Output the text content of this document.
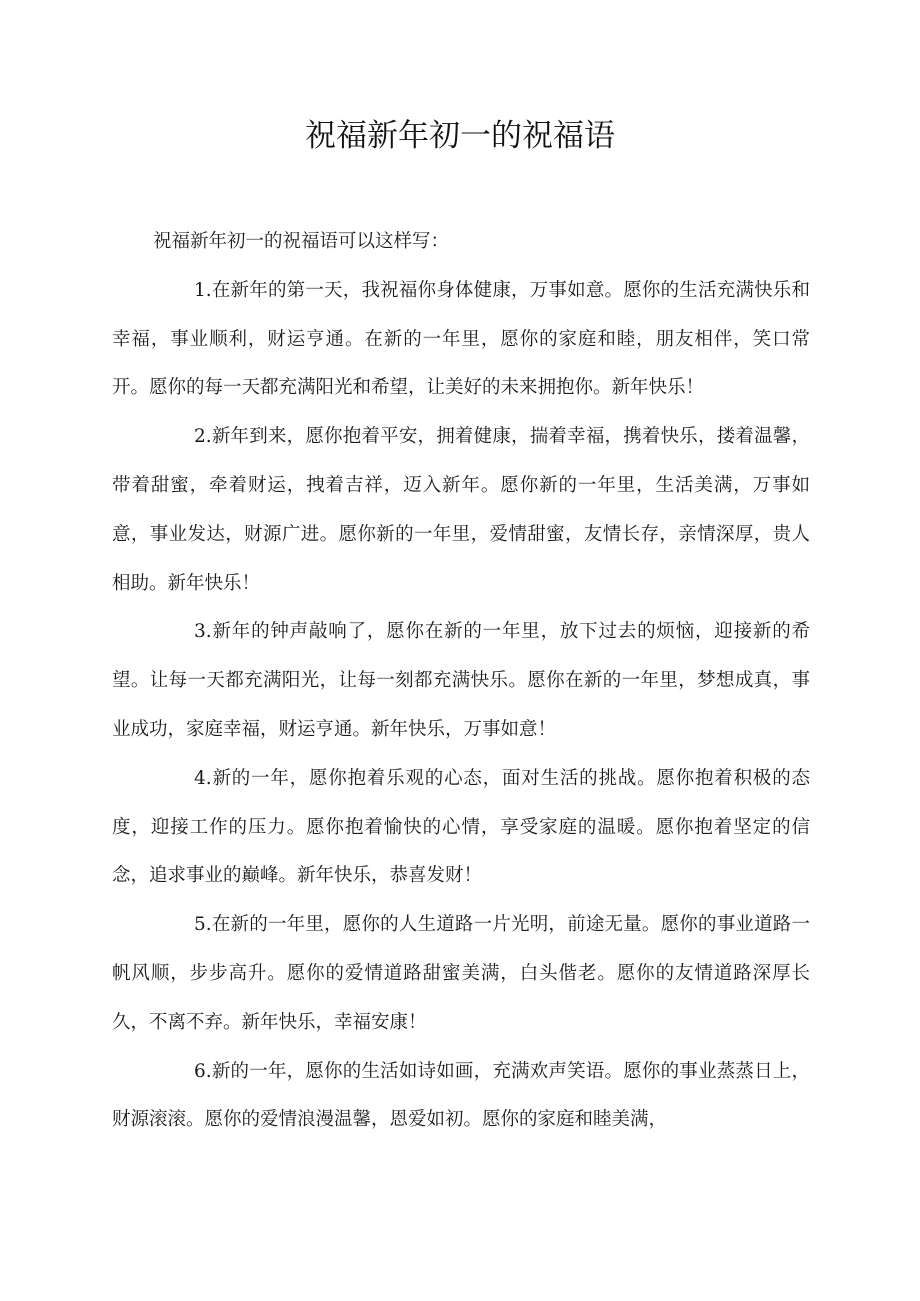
祝福新年初一的祝福语

祝福新年初一的祝福语可以这样写：

1.在新年的第一天，我祝福你身体健康，万事如意。愿你的生活充满快乐和幸福，事业顺利，财运亨通。在新的一年里，愿你的家庭和睦，朋友相伴，笑口常开。愿你的每一天都充满阳光和希望，让美好的未来拥抱你。新年快乐！

2.新年到来，愿你抱着平安，拥着健康，揣着幸福，携着快乐，搂着温馨，带着甜蜜，牵着财运，拽着吉祥，迈入新年。愿你新的一年里，生活美满，万事如意，事业发达，财源广进。愿你新的一年里，爱情甜蜜，友情长存，亲情深厚，贵人相助。新年快乐！

3.新年的钟声敲响了，愿你在新的一年里，放下过去的烦恼，迎接新的希望。让每一天都充满阳光，让每一刻都充满快乐。愿你在新的一年里，梦想成真，事业成功，家庭幸福，财运亨通。新年快乐，万事如意！

4.新的一年，愿你抱着乐观的心态，面对生活的挑战。愿你抱着积极的态度，迎接工作的压力。愿你抱着愉快的心情，享受家庭的温暖。愿你抱着坚定的信念，追求事业的巅峰。新年快乐，恭喜发财！

5.在新的一年里，愿你的人生道路一片光明，前途无量。愿你的事业道路一帆风顺，步步高升。愿你的爱情道路甜蜜美满，白头偕老。愿你的友情道路深厚长久，不离不弃。新年快乐，幸福安康！

6.新的一年，愿你的生活如诗如画，充满欢声笑语。愿你的事业蒸蒸日上，财源滚滚。愿你的爱情浪漫温馨，恩爱如初。愿你的家庭和睦美满，
